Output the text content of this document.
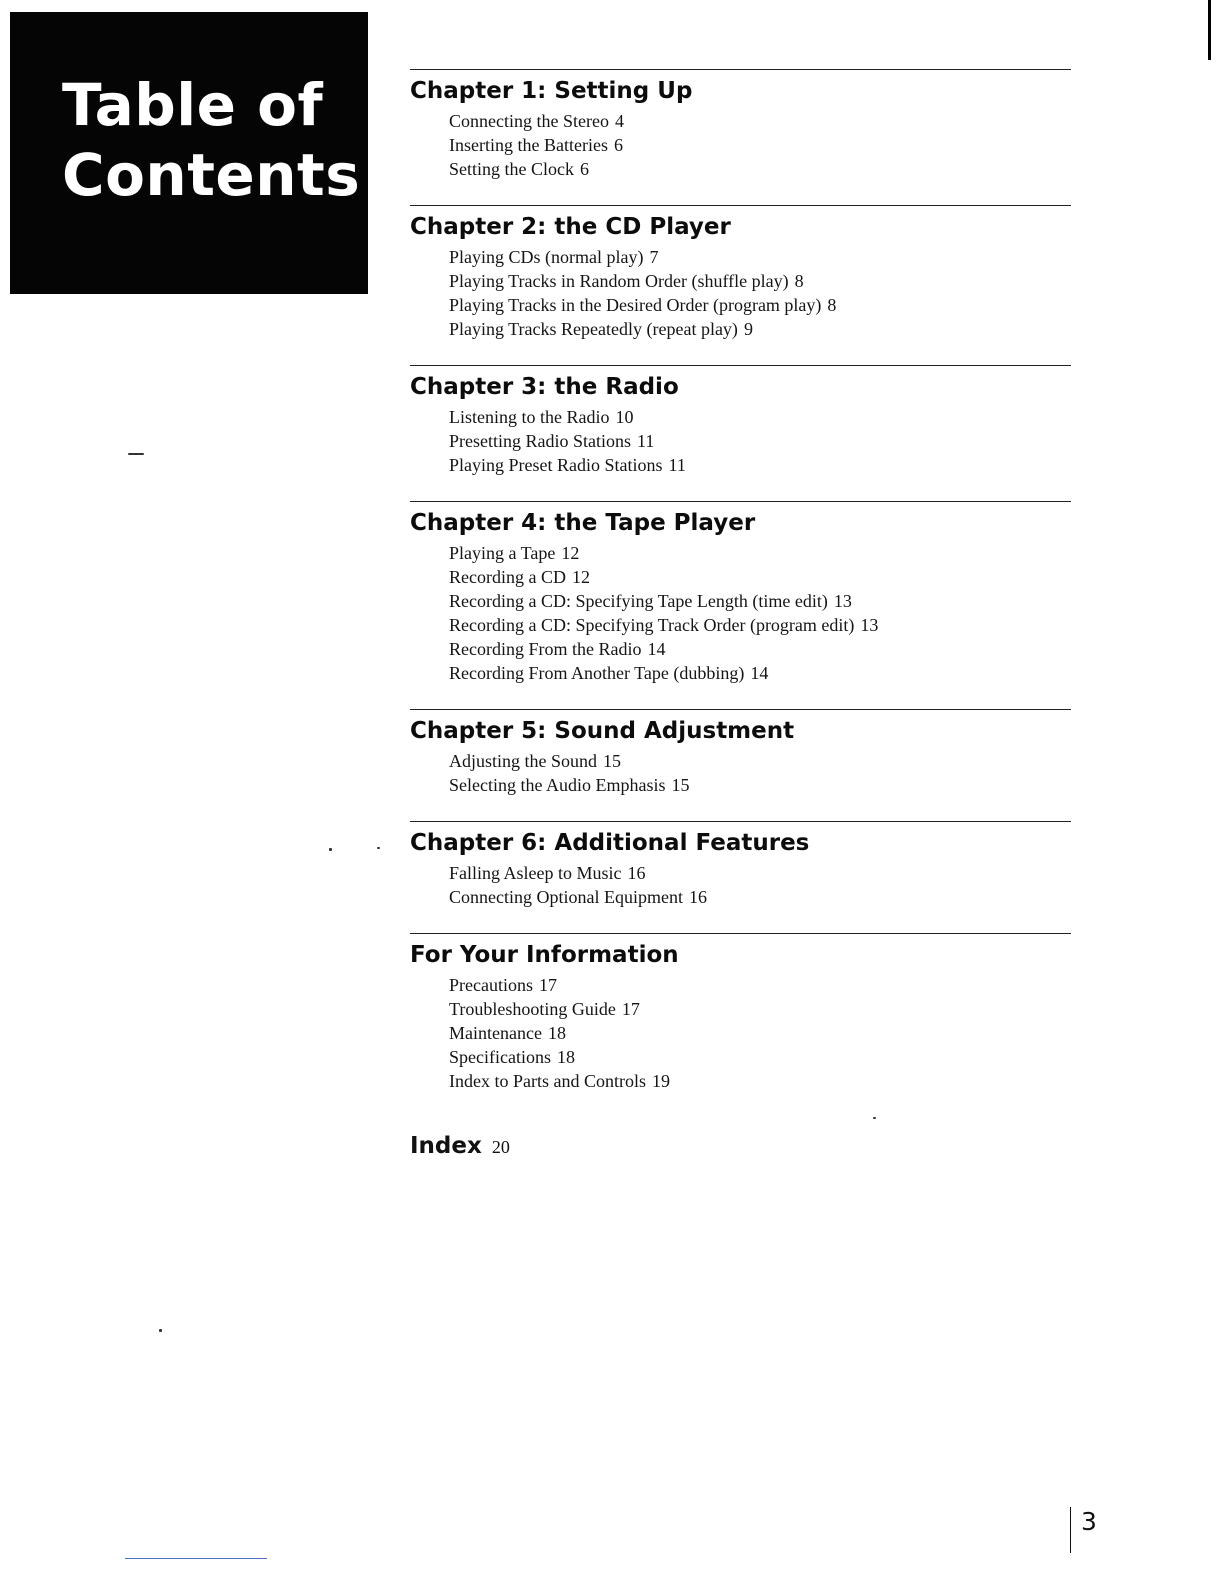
Table of
Contents
Chapter 1: Setting Up
Connecting the Stereo 4
Inserting the Batteries 6
Setting the Clock 6
Chapter 2: the CD Player
Playing CDs (normal play) 7
Playing Tracks in Random Order (shuffle play) 8
Playing Tracks in the Desired Order (program play) 8
Playing Tracks Repeatedly (repeat play) 9
Chapter 3: the Radio
Listening to the Radio 10
Presetting Radio Stations 11
Playing Preset Radio Stations 11
Chapter 4: the Tape Player
Playing a Tape 12
Recording a CD 12
Recording a CD: Specifying Tape Length (time edit) 13
Recording a CD: Specifying Track Order (program edit) 13
Recording From the Radio 14
Recording From Another Tape (dubbing) 14
Chapter 5: Sound Adjustment
Adjusting the Sound 15
Selecting the Audio Emphasis 15
Chapter 6: Additional Features
Falling Asleep to Music 16
Connecting Optional Equipment 16
For Your Information
Precautions 17
Troubleshooting Guide 17
Maintenance 18
Specifications 18
Index to Parts and Controls 19
Index 20
3
